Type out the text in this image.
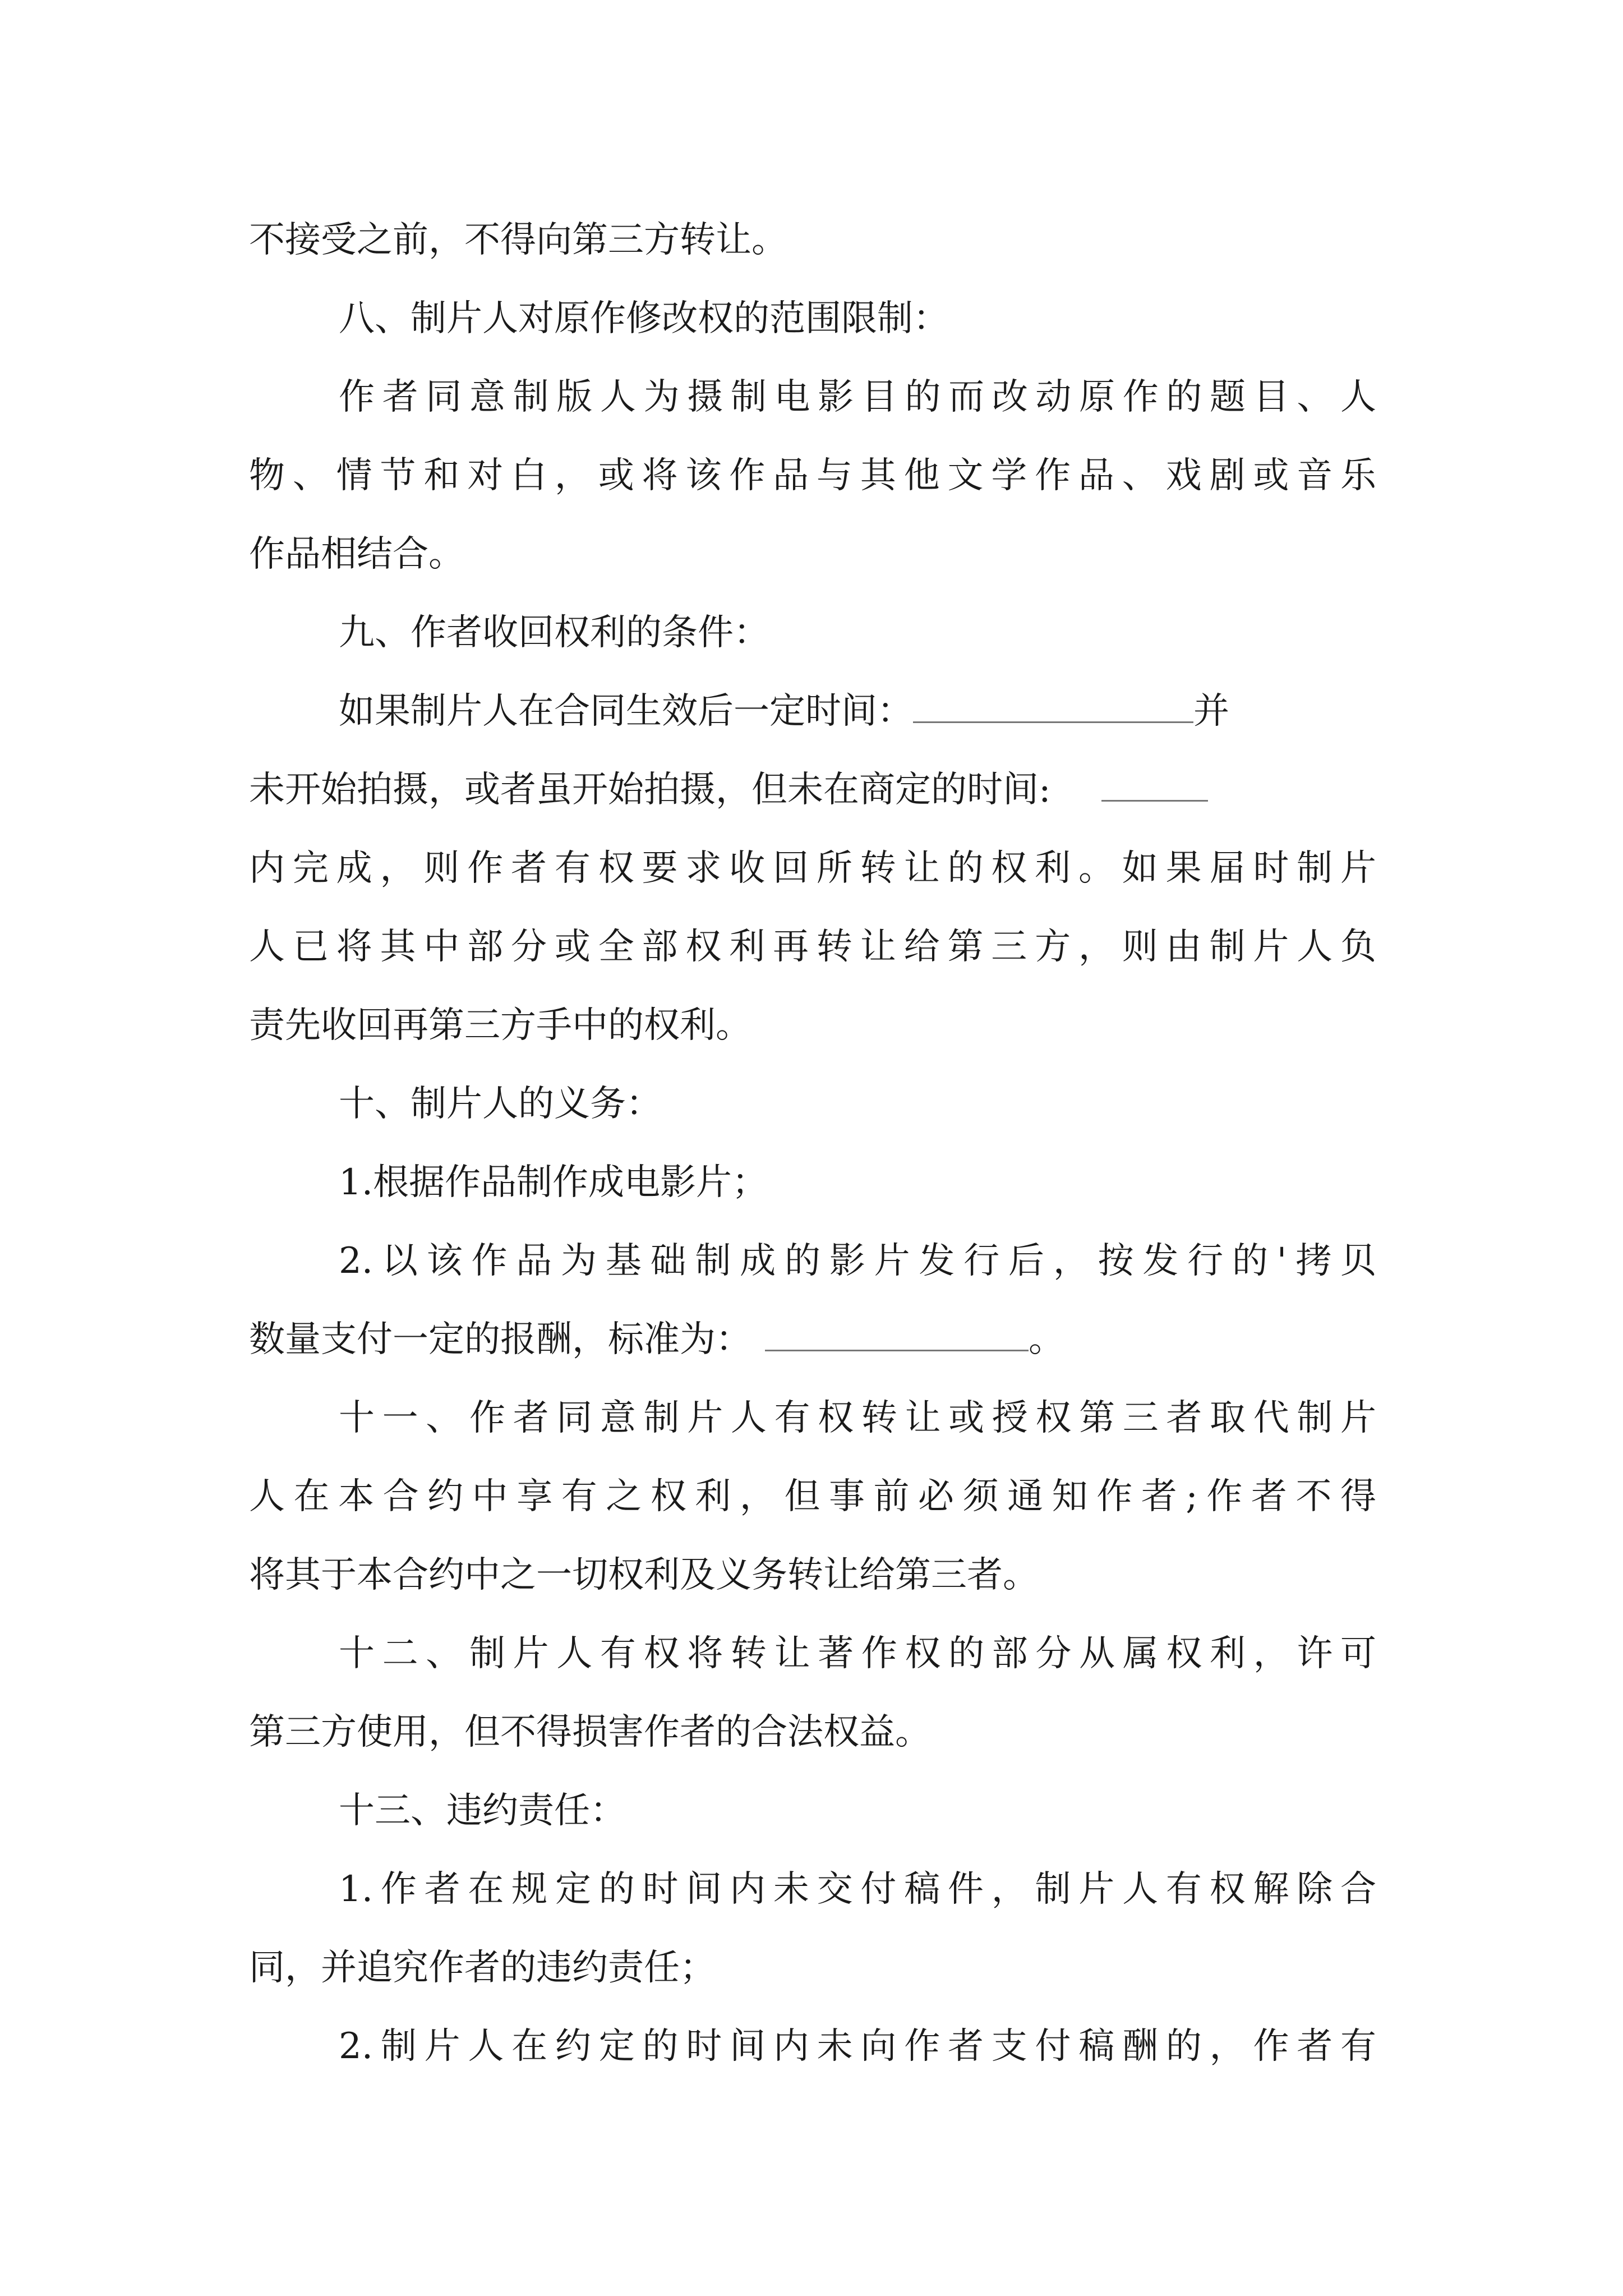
不接受之前，不得向第三方转让。
八、制片人对原作修改权的范围限制：
作者同意制版人为摄制电影目的而改动原作的题目、人
物、情节和对白，或将该作品与其他文学作品、戏剧或音乐
作品相结合。
九、作者收回权利的条件：
如果制片人在合同生效后一定时间：	并
未开始拍摄，或者虽开始拍摄，但未在商定的时间:
内完成，则作者有权要求收回所转让的权利。如果届时制片
人已将其中部分或全部权利再转让给第三方，则由制片人负
责先收回再第三方手中的权利。
十、制片人的义务：
1.根据作品制作成电影片；
2.以该作品为基础制成的影片发行后，按发行的'拷贝
数量支付一定的报酬，标准为：	。
十一、作者同意制片人有权转让或授权第三者取代制片
人在本合约中享有之权利，但事前必须通知作者;作者不得
将其于本合约中之一切权利及义务转让给第三者。
十二、制片人有权将转让著作权的部分从属权利，许可
第三方使用，但不得损害作者的合法权益。
十三、违约责任：
1.作者在规定的时间内未交付稿件，制片人有权解除合
同，并追究作者的违约责任；
2.制片人在约定的时间内未向作者支付稿酬的，作者有
